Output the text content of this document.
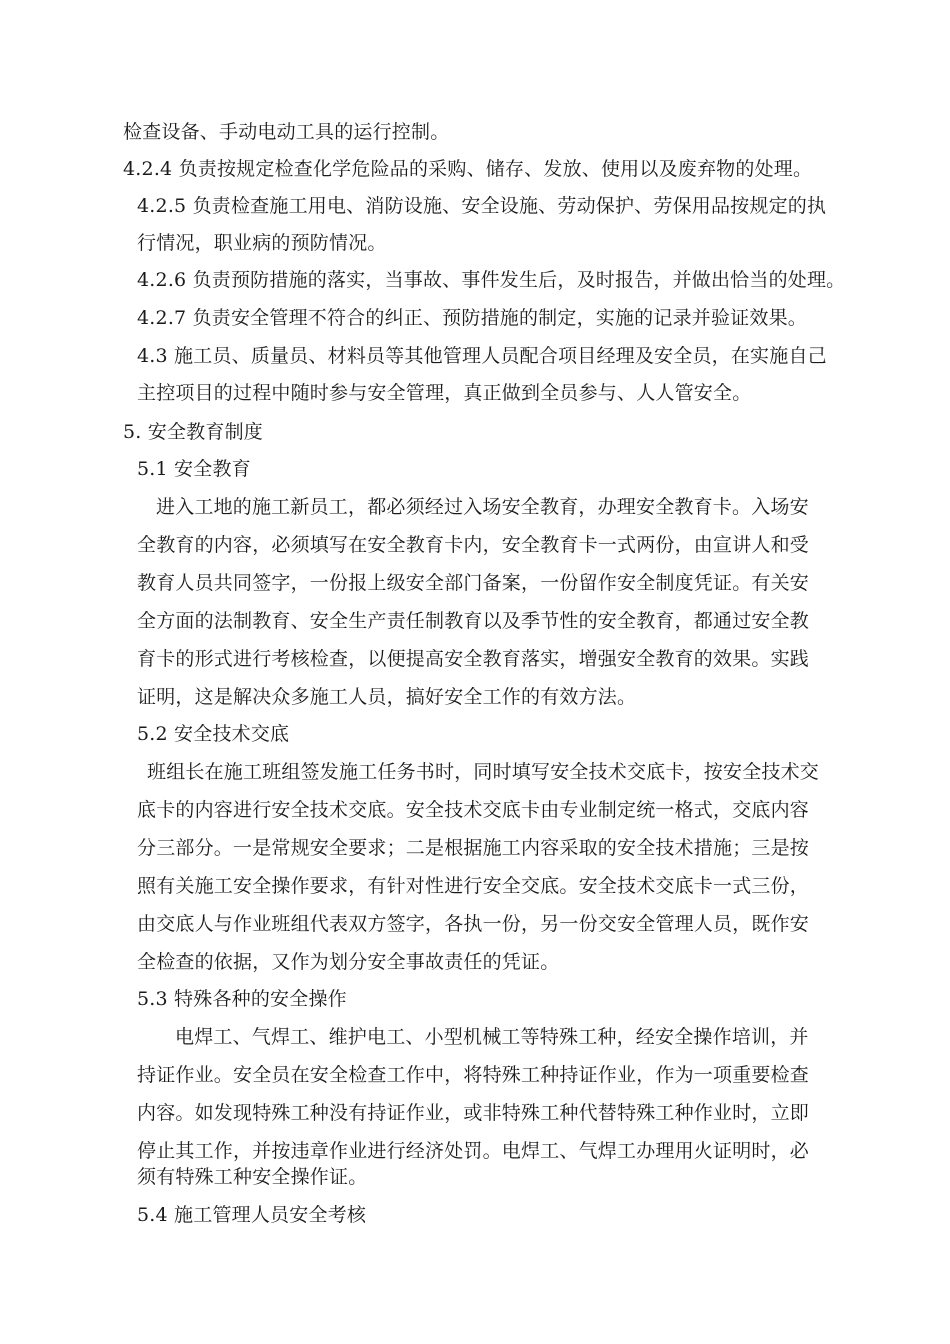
检查设备、手动电动工具的运行控制。
4.2.4 负责按规定检查化学危险品的采购、储存、发放、使用以及废弃物的处理。
4.2.5 负责检查施工用电、消防设施、安全设施、劳动保护、劳保用品按规定的执
行情况，职业病的预防情况。
4.2.6 负责预防措施的落实，当事故、事件发生后，及时报告，并做出恰当的处理。
4.2.7 负责安全管理不符合的纠正、预防措施的制定，实施的记录并验证效果。
4.3 施工员、质量员、材料员等其他管理人员配合项目经理及安全员，在实施自己
主控项目的过程中随时参与安全管理，真正做到全员参与、人人管安全。
5. 安全教育制度
5.1 安全教育
进入工地的施工新员工，都必须经过入场安全教育，办理安全教育卡。入场安
全教育的内容，必须填写在安全教育卡内，安全教育卡一式两份，由宣讲人和受
教育人员共同签字，一份报上级安全部门备案，一份留作安全制度凭证。有关安
全方面的法制教育、安全生产责任制教育以及季节性的安全教育，都通过安全教
育卡的形式进行考核检查，以便提高安全教育落实，增强安全教育的效果。实践
证明，这是解决众多施工人员，搞好安全工作的有效方法。
5.2 安全技术交底
班组长在施工班组签发施工任务书时，同时填写安全技术交底卡，按安全技术交
底卡的内容进行安全技术交底。安全技术交底卡由专业制定统一格式，交底内容
分三部分。一是常规安全要求；二是根据施工内容采取的安全技术措施；三是按
照有关施工安全操作要求，有针对性进行安全交底。安全技术交底卡一式三份，
由交底人与作业班组代表双方签字，各执一份，另一份交安全管理人员，既作安
全检查的依据，又作为划分安全事故责任的凭证。
5.3 特殊各种的安全操作
电焊工、气焊工、维护电工、小型机械工等特殊工种，经安全操作培训，并
持证作业。安全员在安全检查工作中，将特殊工种持证作业，作为一项重要检查
内容。如发现特殊工种没有持证作业，或非特殊工种代替特殊工种作业时，立即
停止其工作，并按违章作业进行经济处罚。电焊工、气焊工办理用火证明时，必
须有特殊工种安全操作证。
5.4 施工管理人员安全考核
